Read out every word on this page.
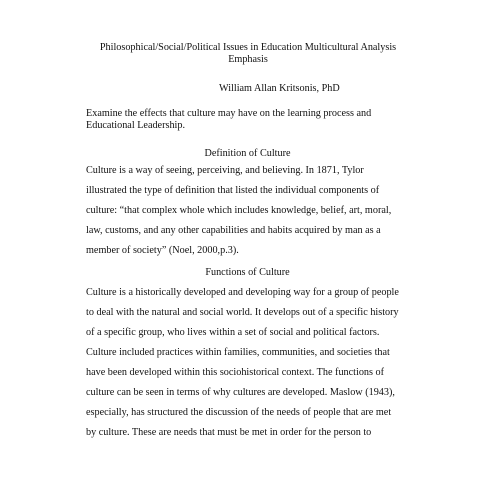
Philosophical/Social/Political Issues in Education Multicultural Analysis
Emphasis
William Allan Kritsonis, PhD
Examine the effects that culture may have on the learning process and
Educational Leadership.
Definition of Culture
Culture is a way of seeing, perceiving, and believing. In 1871, Tylor
illustrated the type of definition that listed the individual components of
culture: “that complex whole which includes knowledge, belief, art, moral,
law, customs, and any other capabilities and habits acquired by man as a
member of society” (Noel, 2000,p.3).
Functions of Culture
Culture is a historically developed and developing way for a group of people
to deal with the natural and social world. It develops out of a specific history
of a specific group, who lives within a set of social and political factors.
Culture included practices within families, communities, and societies that
have been developed within this sociohistorical context. The functions of
culture can be seen in terms of why cultures are developed. Maslow (1943),
especially, has structured the discussion of the needs of people that are met
by culture. These are needs that must be met in order for the person to
